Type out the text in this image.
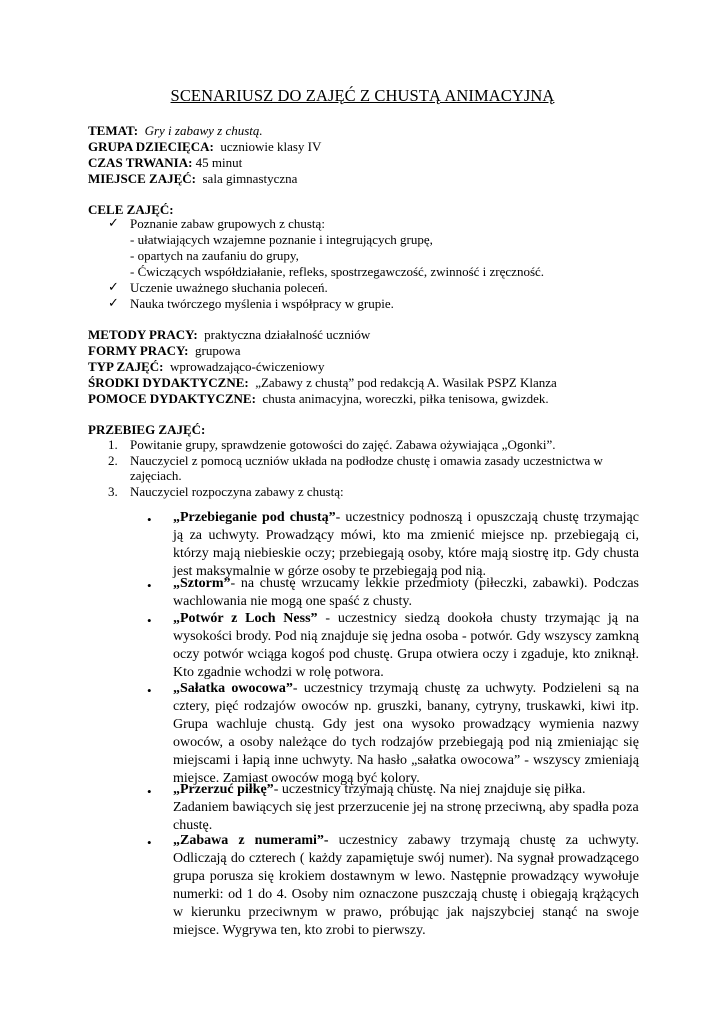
SCENARIUSZ DO ZAJĘĆ Z CHUSTĄ ANIMACYJNĄ
TEMAT: Gry i zabawy z chustą.
GRUPA DZIECIĘCA: uczniowie klasy IV
CZAS TRWANIA: 45 minut
MIEJSCE ZAJĘĆ: sala gimnastyczna
CELE ZAJĘĆ:
✓ Poznanie zabaw grupowych z chustą:
- ułatwiających wzajemne poznanie i integrujących grupę,
- opartych na zaufaniu do grupy,
- Ćwiczących współdziałanie, refleks, spostrzegawczość, zwinność i zręczność.
✓ Uczenie uważnego słuchania poleceń.
✓ Nauka twórczego myślenia i współpracy w grupie.
METODY PRACY: praktyczna działalność uczniów
FORMY PRACY: grupowa
TYP ZAJĘĆ: wprowadzająco-ćwiczeniowy
ŚRODKI DYDAKTYCZNE: „Zabawy z chustą” pod redakcją A. Wasilak PSPZ Klanza
POMOCE DYDAKTYCZNE: chusta animacyjna, woreczki, piłka tenisowa, gwizdek.
PRZEBIEG ZAJĘĆ:
1. Powitanie grupy, sprawdzenie gotowości do zajęć. Zabawa ożywiająca „Ogonki”.
2. Nauczyciel z pomocą uczniów układa na podłodze chustę i omawia zasady uczestnictwa w zajęciach.
3. Nauczyciel rozpoczyna zabawy z chustą:
• „Przebieganie pod chustą”- uczestnicy podnoszą i opuszczają chustę trzymając ją za uchwyty. Prowadzący mówi, kto ma zmienić miejsce np. przebiegają ci, którzy mają niebieskie oczy; przebiegają osoby, które mają siostrę itp. Gdy chusta jest maksymalnie w górze osoby te przebiegają pod nią.
• „Sztorm”- na chustę wrzucamy lekkie przedmioty (piłeczki, zabawki). Podczas wachlowania nie mogą one spaść z chusty.
• „Potwór z Loch Ness” - uczestnicy siedzą dookoła chusty trzymając ją na wysokości brody. Pod nią znajduje się jedna osoba - potwór. Gdy wszyscy zamkną oczy potwór wciąga kogoś pod chustę. Grupa otwiera oczy i zgaduje, kto zniknął. Kto zgadnie wchodzi w rolę potwora.
• „Sałatka owocowa”- uczestnicy trzymają chustę za uchwyty. Podzieleni są na cztery, pięć rodzajów owoców np. gruszki, banany, cytryny, truskawki, kiwi itp. Grupa wachluje chustą. Gdy jest ona wysoko prowadzący wymienia nazwy owoców, a osoby należące do tych rodzajów przebiegają pod nią zmieniając się miejscami i łapią inne uchwyty. Na hasło „sałatka owocowa” - wszyscy zmieniają miejsce. Zamiast owoców mogą być kolory.
• „Przerzuć piłkę”- uczestnicy trzymają chustę. Na niej znajduje się piłka. Zadaniem bawiących się jest przerzucenie jej na stronę przeciwną, aby spadła poza chustę.
• „Zabawa z numerami”- uczestnicy zabawy trzymają chustę za uchwyty. Odliczają do czterech ( każdy zapamiętuje swój numer). Na sygnał prowadzącego grupa porusza się krokiem dostawnym w lewo. Następnie prowadzący wywołuje numerki: od 1 do 4. Osoby nim oznaczone puszczają chustę i obiegają krążących w kierunku przeciwnym w prawo, próbując jak najszybciej stanąć na swoje miejsce. Wygrywa ten, kto zrobi to pierwszy.
